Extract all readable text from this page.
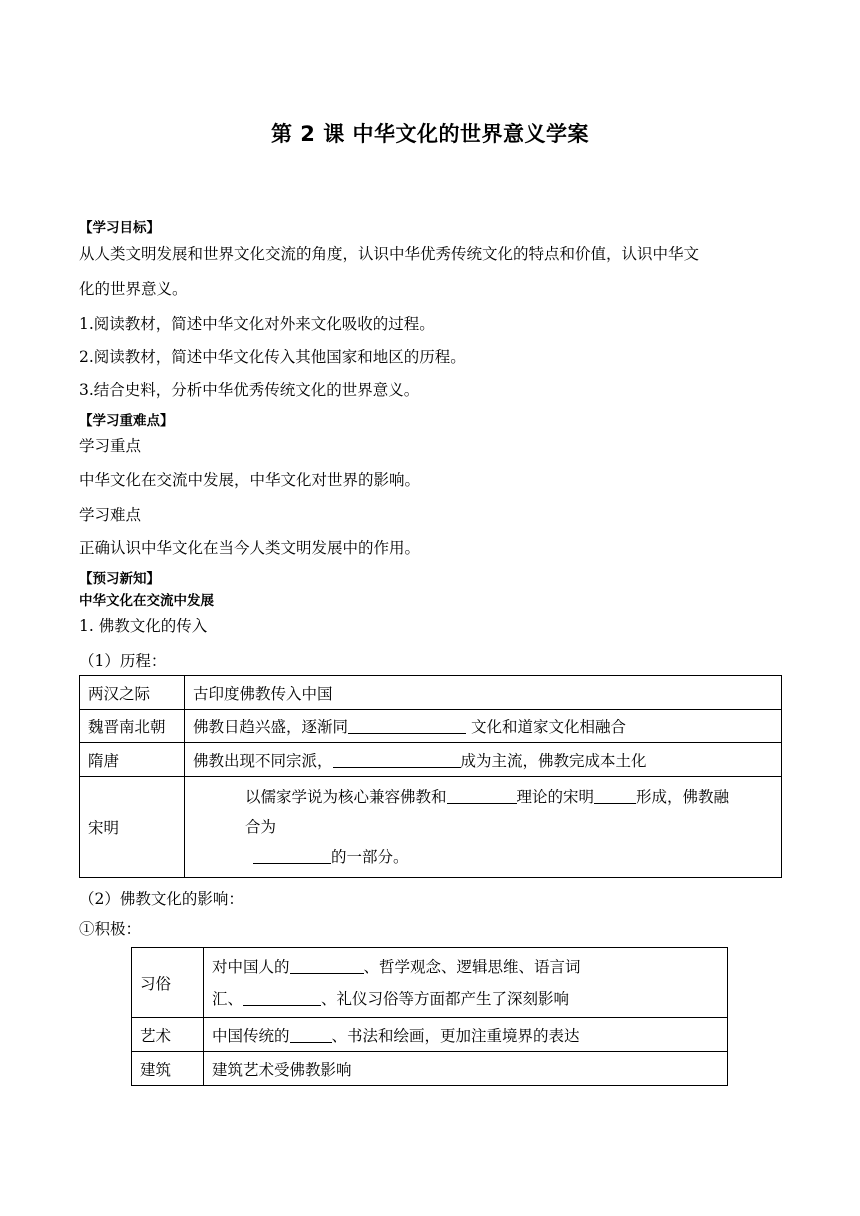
第 2 课 中华文化的世界意义学案
【学习目标】
从人类文明发展和世界文化交流的角度，认识中华优秀传统文化的特点和价值，认识中华文
化的世界意义。
1.阅读教材，简述中华文化对外来文化吸收的过程。
2.阅读教材，简述中华文化传入其他国家和地区的历程。
3.结合史料，分析中华优秀传统文化的世界意义。
【学习重难点】
学习重点
中华文化在交流中发展，中华文化对世界的影响。
学习难点
正确认识中华文化在当今人类文明发展中的作用。
【预习新知】
中华文化在交流中发展
1. 佛教文化的传入
（1）历程：
两汉之际	古印度佛教传入中国
魏晋南北朝	佛教日趋兴盛，逐渐同 文化和道家文化相融合
隋唐	佛教出现不同宗派， 成为主流，佛教完成本土化
宋明	以儒家学说为核心兼容佛教和 理论的宋明 形成，佛教融
合为
的一部分。
（2）佛教文化的影响：
①积极：
习俗	对中国人的 、哲学观念、逻辑思维、语言词
汇、 、礼仪习俗等方面都产生了深刻影响

艺术	中国传统的 、书法和绘画，更加注重境界的表达
建筑	建筑艺术受佛教影响
